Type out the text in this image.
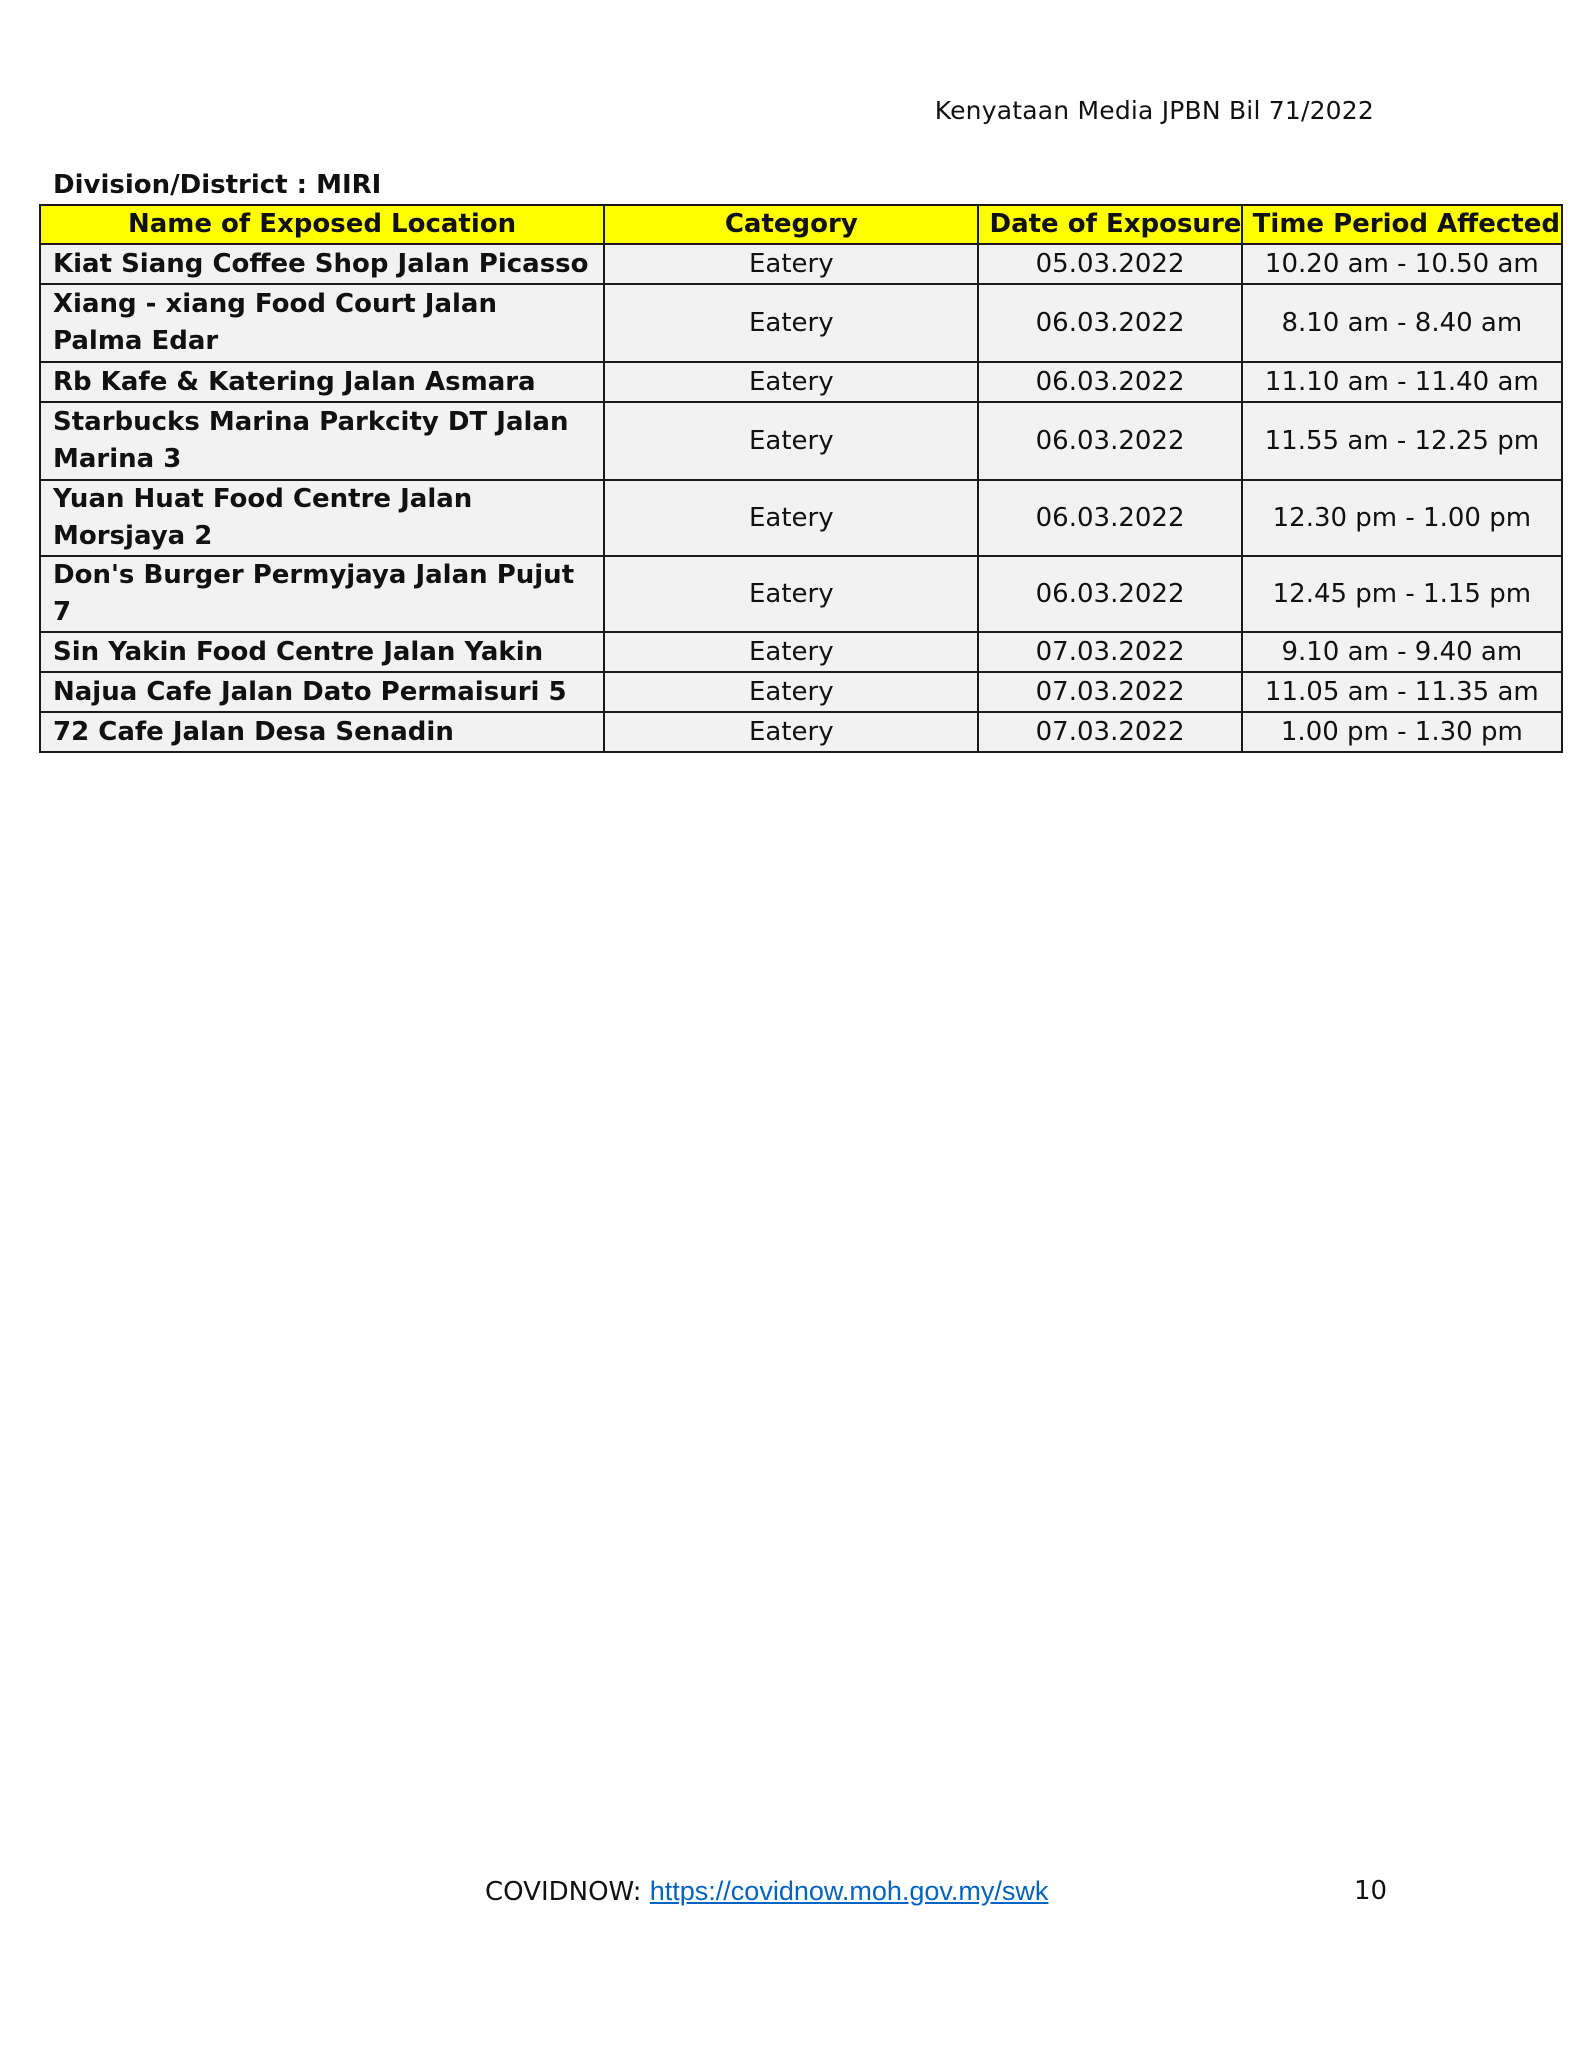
Kenyataan Media JPBN Bil 71/2022
Division/District : MIRI
Name of Exposed Location	Category	Date of Exposure	Time Period Affected
Kiat Siang Coffee Shop Jalan Picasso	Eatery	05.03.2022	10.20 am - 10.50 am
Xiang - xiang Food Court Jalan Palma Edar	Eatery	06.03.2022	8.10 am - 8.40 am
Rb Kafe & Katering Jalan Asmara	Eatery	06.03.2022	11.10 am - 11.40 am
Starbucks Marina Parkcity DT Jalan Marina 3	Eatery	06.03.2022	11.55 am - 12.25 pm
Yuan Huat Food Centre Jalan Morsjaya 2	Eatery	06.03.2022	12.30 pm - 1.00 pm
Don's Burger Permyjaya Jalan Pujut 7	Eatery	06.03.2022	12.45 pm - 1.15 pm
Sin Yakin Food Centre Jalan Yakin	Eatery	07.03.2022	9.10 am - 9.40 am
Najua Cafe Jalan Dato Permaisuri 5	Eatery	07.03.2022	11.05 am - 11.35 am
72 Cafe Jalan Desa Senadin	Eatery	07.03.2022	1.00 pm - 1.30 pm
COVIDNOW: https://covidnow.moh.gov.my/swk	10
